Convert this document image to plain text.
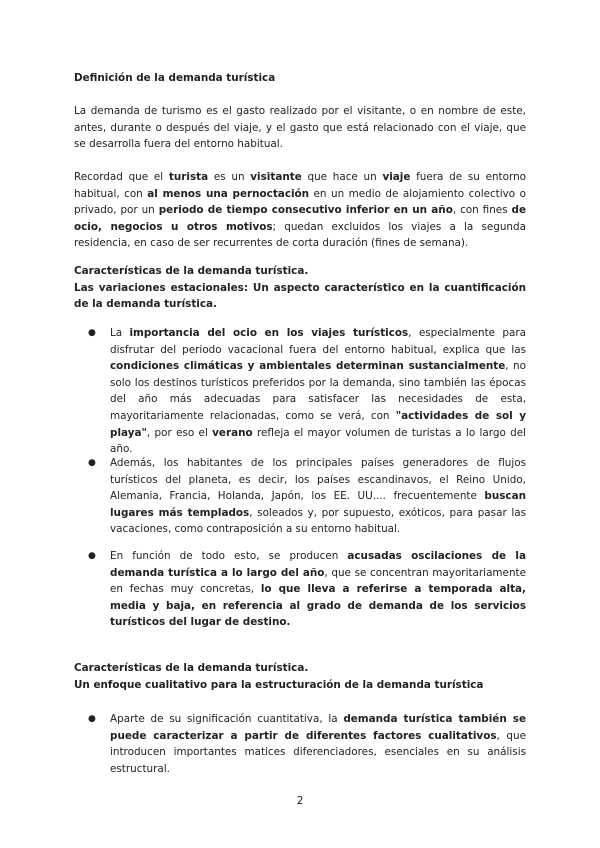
Definición de la demanda turística

La demanda de turismo es el gasto realizado por el visitante, o en nombre de este, antes, durante o después del viaje, y el gasto que está relacionado con el viaje, que se desarrolla fuera del entorno habitual.

Recordad que el turista es un visitante que hace un viaje fuera de su entorno habitual, con al menos una pernoctación en un medio de alojamiento colectivo o privado, por un periodo de tiempo consecutivo inferior en un año, con fines de ocio, negocios u otros motivos; quedan excluidos los viajes a la segunda residencia, en caso de ser recurrentes de corta duración (fines de semana).

Características de la demanda turística.
Las variaciones estacionales: Un aspecto característico en la cuantificación de la demanda turística.
● La importancia del ocio en los viajes turísticos, especialmente para disfrutar del periodo vacacional fuera del entorno habitual, explica que las condiciones climáticas y ambientales determinan sustancialmente, no solo los destinos turísticos preferidos por la demanda, sino también las épocas del año más adecuadas para satisfacer las necesidades de esta, mayoritariamente relacionadas, como se verá, con "actividades de sol y playa", por eso el verano refleja el mayor volumen de turistas a lo largo del año.

● Además, los habitantes de los principales países generadores de flujos turísticos del planeta, es decir, los países escandinavos, el Reino Unido, Alemania, Francia, Holanda, Japón, los EE. UU.... frecuentemente buscan lugares más templados, soleados y, por supuesto, exóticos, para pasar las vacaciones, como contraposición a su entorno habitual.

● En función de todo esto, se producen acusadas oscilaciones de la demanda turística a lo largo del año, que se concentran mayoritariamente en fechas muy concretas, lo que lleva a referirse a temporada alta, media y baja, en referencia al grado de demanda de los servicios turísticos del lugar de destino.

Características de la demanda turística.
Un enfoque cualitativo para la estructuración de la demanda turística
● Aparte de su significación cuantitativa, la demanda turística también se puede caracterizar a partir de diferentes factores cualitativos, que introducen importantes matices diferenciadores, esenciales en su análisis estructural.

2
